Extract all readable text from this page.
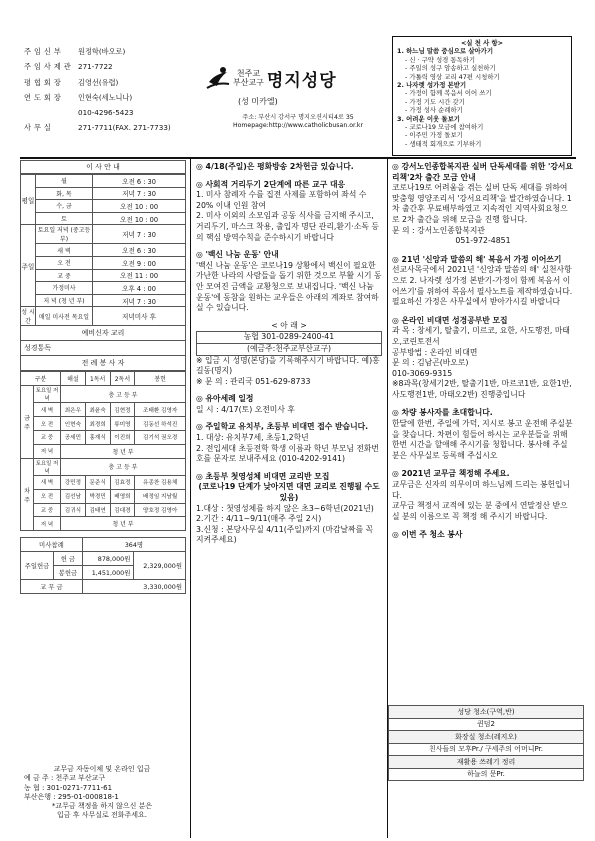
주임신부	원정학(바오로)
주임사제관 271-7722
평협회장	김영선(유렵)
연도회장	인현숙(세노니나)
010-4296-5423
사무실	271-7711(FAX. 271-7733)
천주교
부산교구 명지성당
(성 미카엘)
주소: 부산시 강서구 명지오션시티4로 35
Homepage:http://www.catholicbusan.or.kr
<실 천 사 항>
1. 하느님 말씀 중심으로 살아가기
- 신 · 구약 성경 통독하기
- 주일의 성구 암송하고 실천하기
- 가톨릭 영상 교리 47편 시청하기
2. 나자렛 성가정 본받기
- 가정이 함께 복음서 이어 쓰기
- 가정 기도 시간 갖기
- 가정 성사 순례하기
3. 어려운 이웃 돌보기
- 코로나19 모금에 참여하기
- 이주민 가정 돌보기
- 생태적 회개으로 기부하기
이 사 안 내
평일	월	오전 6 : 30
	화, 목	저녁 7 : 30
	수, 금	오전 10 : 00
	토	오전 10 : 00
주일	토요일 저녁 (중고등부)	저녁 7 : 30
	새 벽	오전 6 : 30
	오 전	오전 9 : 00
	교 중	오전 11 : 00
	가정미사	오후 4 : 00
	저 녁 (청 년 부)	저녁 7 : 30
성 시간	매일 미사전 목요일	저녁미사 후
예비신자 교리
성경통독
전 례 봉 사 자
구분		해설	1독서	2독서	봉헌
금 주	토요일 저 녁	충 고 등 부			
	새 벽	최은우	최윤숙	김현정	조태환 김영자
	오 전	인현숙	최경희	류미영	김동선 하석진
	교 중	공세민	홍재식	이진희	김기석 권오경
	저 녁	청 년 부			
차 주	토요일 저 녁	충 고 등 부			
	새 벽	강민정	문준식	김효정	유종찬 김용체
	오 전	김선남	박경민	배영희	배정임 지남월
	교 중	김귀식	김태연	김대경	양호정 김영아
	저 녁	청 년 부			
미사참례		364명	
주일헌금	헌 금	878,000원	2,329,000원
	봉헌금	1,451,000원	
교 무 금		3,330,000원	
교무금 자동이체 및 온라인 입금
예 금 주 : 천주교 부산교구
농 협 : 301-0271-7711-61
부산은행 : 295-01-000818-1
*교무금 책정을 하지 않으신 분은
입금 후 사무실로 전화주세요.
◎ 4/18(주일)은 평화방송 2차헌금 있습니다.
◎ 사회적 거리두기 2단계에 따른 교구 대응

1. 미사 참례자 수를 집전 사제를 포함하여 좌석 수 20% 이내 인원 참여

2. 미사 이외의 소모임과 공동 식사를 금지해 주시고, 거리두기, 마스크 착용, 출입자 명단 관리,환기·소독 등의 핵심 방역수칙을 준수하시기 바랍니다

◎ '백신 나눔 운동' 안내

'백신 나눔 운동'은 코로나19 상황에서 백신이 필요한 가난한 나라의 사람들을 돕기 위한 것으로 부활 시기 동안 모여진 금액을 교황청으로 보내집니다. '백신 나눔 운동'에 동참을 원하는 교우들은 아래의 계좌로 참여하실 수 있습니다.

< 아 래 >

농협 301-0289-2400-41

(예금주:천주교부산교구)

※ 입금 시 성명(본당)을 기록해주시기 바랍니다. 예)홍길동(명지)

※ 문 의 : 관리국 051-629-8733

◎ 유아세례 일정

일 시 : 4/17(토) 오전미사 후

◎ 주일학교 유치부, 초등부 비대면 접수 받습니다.

1. 대상: 유치부7세, 초등1,2학년

2. 전입세대 초등전학 학생 이름과 학년 부모님 전화번호를 문자로 보내주세요 (010-4202-9141)

◎ 초등부 첫영성체 비대면 교리반 모집

(코로나19 단계가 낮아지면 대면 교리로 진행될 수도 있음)

1.대상 : 첫영성체를 하지 않은 초3~6학년(2021년)

2.기간 : 4/11~9/11(매주 주일 2시)

3.신청 : 본당사무실 4/11(주일)까지 (마감날짜를 꼭 지켜주세요)

◎ 강서노인종합복지관 실버 단독세대를 위한 '강서요리책'2차 출간 모금 안내

코로나19로 어려움을 겪는 실버 단독 세대를 위하여 맞춤형 영양조리서 '강서요리책'을 발간하였습니다. 1차 출간후 무료배부하였고 지속적인 지역사회요청으로 2차 출간을 위해 모금을 진행 합니다.

문 의 : 강서노인종합복지관

051-972-4851

◎ 21년 '신앙과 말씀의 해' 복음서 가정 이어쓰기

선교사목국에서 2021년 '신앙과 말씀의 해' 실천사항으로 2. 나자렛 성가정 본받기-가정이 함께 복음서 이어쓰기'를 위하여 목음서 필사노트를 제작하였습니다. 필요하신 가정은 사무실에서 받아가시길 바랍니다

◎ 온라인 비대면 성경공부반 모집

과 목 : 창세기, 탈출기, 미르코, 요한, 사도행전, 마태오,코린토전서

공부방법 : 온라인 비대면

문 의 : 김남곤(바오로)

010-3069-9315

※8과목(창세기2반, 탈출기1반, 마르코1반, 요한1반, 사도행전1반, 마태오2반) 진행중입니다

◎ 차량 봉사자를 초대합니다.

한달에 한번, 주일에 가덕, 지시로 봉고 운전해 주실분을 찾습니다. 차편이 힘들어 하시는 교우분들을 위해 한번 시간을 할애해 주시기를 청합니다. 봉사해 주실 분은 사무실로 등록해 주십시오

◎ 2021년 교무금 책정해 주세요.

교무금은 신자의 의무이며 하느님께 드리는 봉헌입니다.

교무금 책정서 교적에 있는 분 중에서 연말정산 받으실 분의 이름으로 꼭 책정 해 주시기 바랍니다.

◎ 이번 주 청소 봉사
성당 청소(구역,반)
퀸덤2
화장실 청소(레지오)
친사들의 모후Pr./ 구세주의 어머니Pr.
재활용 쓰레기 정리
하늘의 문Pr.
